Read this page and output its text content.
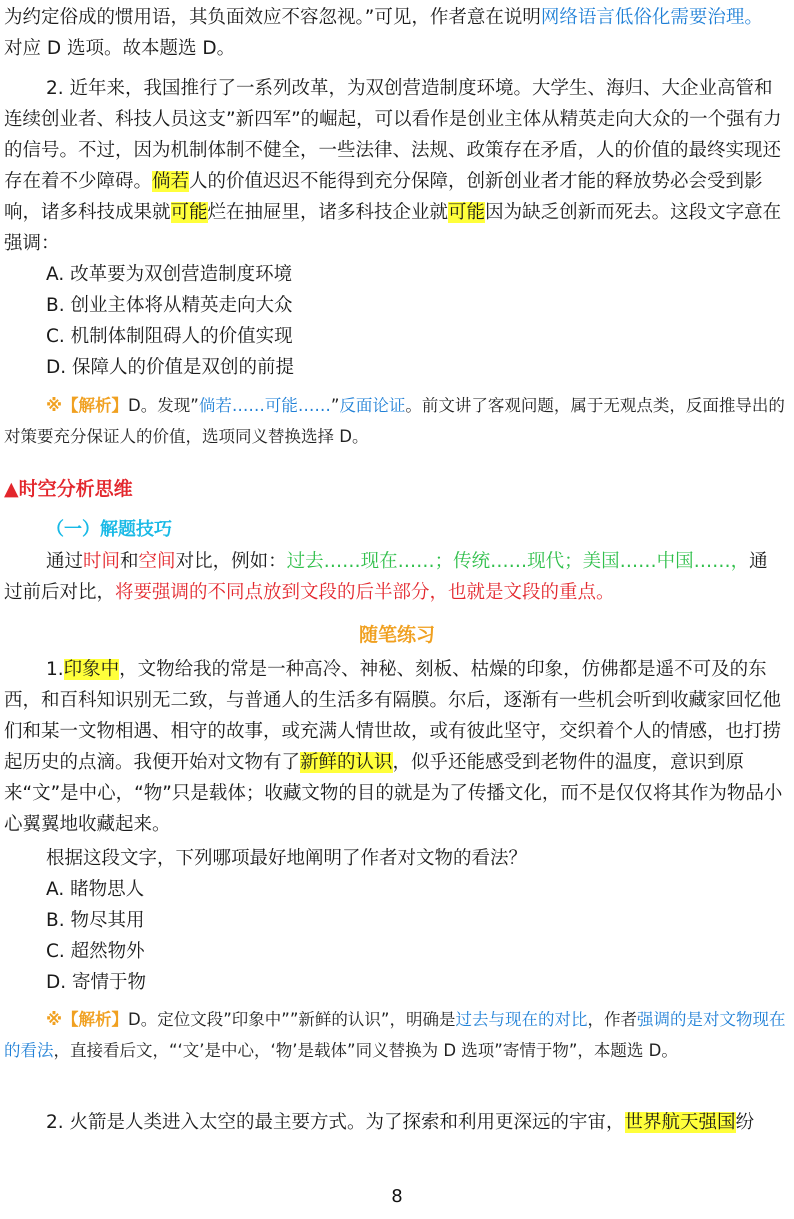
为约定俗成的惯用语，其负面效应不容忽视。”可见，作者意在说明网络语言低俗化需要治理。
对应 D 选项。故本题选 D。

2. 近年来，我国推行了一系列改革，为双创营造制度环境。大学生、海归、大企业高管和连续创业者、科技人员这支”新四军”的崛起，可以看作是创业主体从精英走向大众的一个强有力的信号。不过，因为机制体制不健全，一些法律、法规、政策存在矛盾，人的价值的最终实现还存在着不少障碍。倘若人的价值迟迟不能得到充分保障，创新创业者才能的释放势必会受到影响，诸多科技成果就可能烂在抽屉里，诸多科技企业就可能因为缺乏创新而死去。这段文字意在强调：

A. 改革要为双创营造制度环境

B. 创业主体将从精英走向大众

C. 机制体制阻碍人的价值实现

D. 保障人的价值是双创的前提

※【解析】D。发现”倘若……可能……”反面论证。前文讲了客观问题，属于无观点类，反面推导出的对策要充分保证人的价值，选项同义替换选择 D。

▲时空分析思维

（一）解题技巧

通过时间和空间对比，例如：过去……现在……；传统……现代；美国……中国……，通过前后对比，将要强调的不同点放到文段的后半部分，也就是文段的重点。

随笔练习

1.印象中，文物给我的常是一种高冷、神秘、刻板、枯燥的印象，仿佛都是遥不可及的东西，和百科知识别无二致，与普通人的生活多有隔膜。尔后，逐渐有一些机会听到收藏家回忆他们和某一文物相遇、相守的故事，或充满人情世故，或有彼此坚守，交织着个人的情感，也打捞起历史的点滴。我便开始对文物有了新鲜的认识，似乎还能感受到老物件的温度，意识到原来“文”是中心，“物”只是载体；收藏文物的目的就是为了传播文化，而不是仅仅将其作为物品小心翼翼地收藏起来。

根据这段文字，下列哪项最好地阐明了作者对文物的看法？

A. 睹物思人

B. 物尽其用

C. 超然物外

D. 寄情于物

※【解析】D。定位文段”印象中””新鲜的认识”，明确是过去与现在的对比，作者强调的是对文物现在的看法，直接看后文，“‘文’是中心，‘物’是载体”同义替换为 D 选项”寄情于物”，本题选 D。

2. 火箭是人类进入太空的最主要方式。为了探索和利用更深远的宇宙，世界航天强国纷

8
